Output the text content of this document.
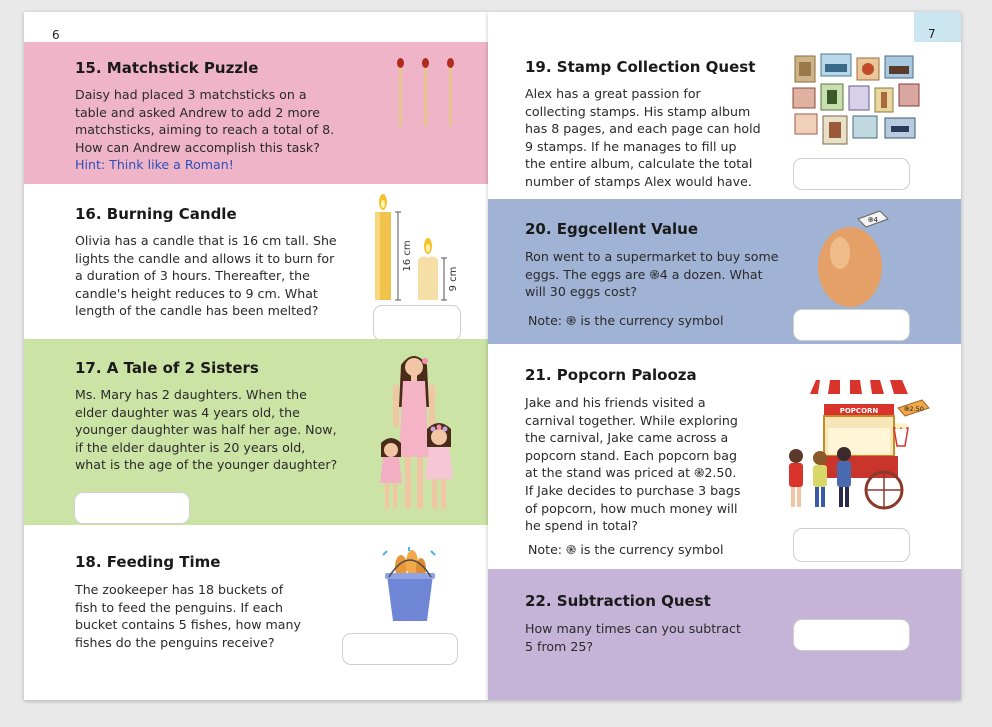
6
15. Matchstick Puzzle
Daisy had placed 3 matchsticks on a
table and asked Andrew to add 2 more
matchsticks, aiming to reach a total of 8.
How can Andrew accomplish this task?
Hint: Think like a Roman!
16. Burning Candle
Olivia has a candle that is 16 cm tall. She
lights the candle and allows it to burn for
a duration of 3 hours. Thereafter, the
candle's height reduces to 9 cm. What
length of the candle has been melted?
16 cm
9 cm
17. A Tale of 2 Sisters
Ms. Mary has 2 daughters. When the
elder daughter was 4 years old, the
younger daughter was half her age. Now,
if the elder daughter is 20 years old,
what is the age of the younger daughter?
18. Feeding Time
The zookeeper has 18 buckets of
fish to feed the penguins. If each
bucket contains 5 fishes, how many
fishes do the penguins receive?
7
19. Stamp Collection Quest
Alex has a great passion for
collecting stamps. His stamp album
has 8 pages, and each page can hold
9 stamps. If he manages to fill up
the entire album, calculate the total
number of stamps Alex would have.
20. Eggcellent Value
Ron went to a supermarket to buy some
eggs. The eggs are ֎4 a dozen. What
will 30 eggs cost?
Note: ֎ is the currency symbol
֎4
21. Popcorn Palooza
Jake and his friends visited a
carnival together. While exploring
the carnival, Jake came across a
popcorn stand. Each popcorn bag
at the stand was priced at ֎2.50.
If Jake decides to purchase 3 bags
of popcorn, how much money will
he spend in total?
Note: ֎ is the currency symbol
POPCORN	֎2.50
22. Subtraction Quest
How many times can you subtract
5 from 25?
